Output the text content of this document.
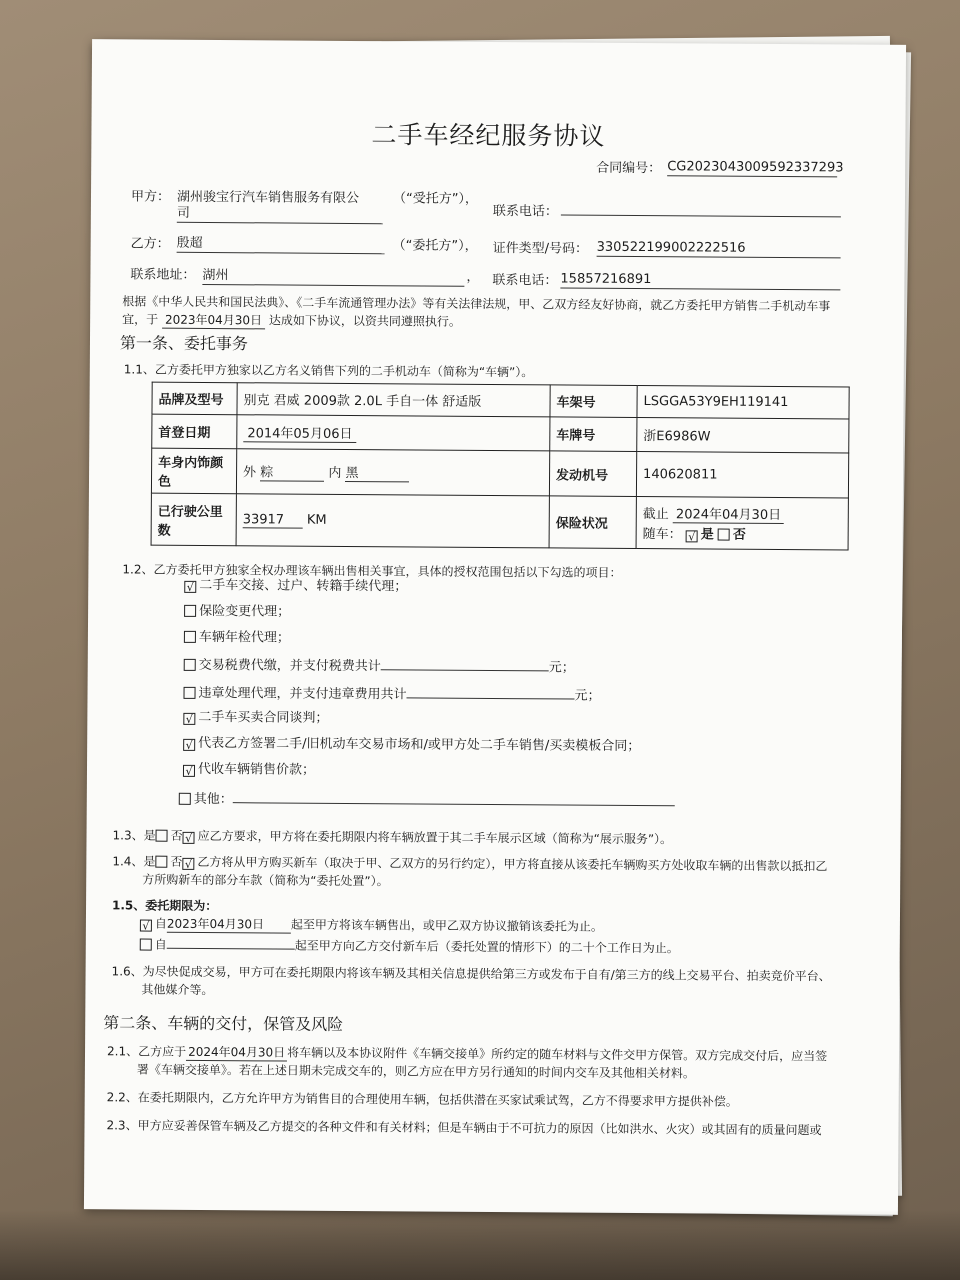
二手车经纪服务协议
合同编号： CG2023043009592337293
甲方： 湖州骏宝行汽车销售服务有限公
司
（“受托方”），
联系电话：
乙方： 殷超	（“委托方”）， 证件类型/号码： 330522199002222516
联系地址： 湖州	， 联系电话： 15857216891
根据《中华人民共和国民法典》、《二手车流通管理办法》等有关法律法规，甲、乙双方经友好协商，就乙方委托甲方销售二手机动车事
宜，于 2023年04月30日 达成如下协议，以资共同遵照执行。
第一条、委托事务
1.1、乙方委托甲方独家以乙方名义销售下列的二手机动车（简称为“车辆”）。
品牌及型号	别克 君威 2009款 2.0L 手自一体 舒适版	车架号	LSGGA53Y9EH119141
首登日期	2014年05月06日	车牌号	浙E6986W
车身内饰颜色	外 粽 内 黑	发动机号	140620811
已行驶公里数	33917 KM	保险状况	截止 2024年04月30日
随车： √ 是 否
1.2、乙方委托甲方独家全权办理该车辆出售相关事宜，具体的授权范围包括以下勾选的项目：
√ 二手车交接、过户、转籍手续代理；
保险变更代理；
车辆年检代理；
交易税费代缴，并支付税费共计	元；
违章处理代理，并支付违章费用共计	元；
√ 二手车买卖合同谈判；
√ 代表乙方签署二手/旧机动车交易市场和/或甲方处二手车销售/买卖模板合同；
√ 代收车辆销售价款；
其他：
1.3、是 否 √ 应乙方要求，甲方将在委托期限内将车辆放置于其二手车展示区域（简称为“展示服务”）。
1.4、是 否 √ 乙方将从甲方购买新车（取决于甲、乙双方的另行约定），甲方将直接从该委托车辆购买方处收取车辆的出售款以抵扣乙
方所购新车的部分车款（简称为“委托处置”）。
1.5、委托期限为：
√ 自2023年04月30日 起至甲方将该车辆售出，或甲乙双方协议撤销该委托为止。
自	起至甲方向乙方交付新车后（委托处置的情形下）的二十个工作日为止。
1.6、为尽快促成交易，甲方可在委托期限内将该车辆及其相关信息提供给第三方或发布于自有/第三方的线上交易平台、拍卖竞价平台、
其他媒介等。
第二条、车辆的交付，保管及风险
2.1、乙方应于 2024年04月30日 将车辆以及本协议附件《车辆交接单》所约定的随车材料与文件交甲方保管。双方完成交付后，应当签
署《车辆交接单》。若在上述日期未完成交车的，则乙方应在甲方另行通知的时间内交车及其他相关材料。
2.2、在委托期限内，乙方允许甲方为销售目的合理使用车辆，包括供潜在买家试乘试驾，乙方不得要求甲方提供补偿。
2.3、甲方应妥善保管车辆及乙方提交的各种文件和有关材料；但是车辆由于不可抗力的原因（比如洪水、火灾）或其固有的质量问题或
